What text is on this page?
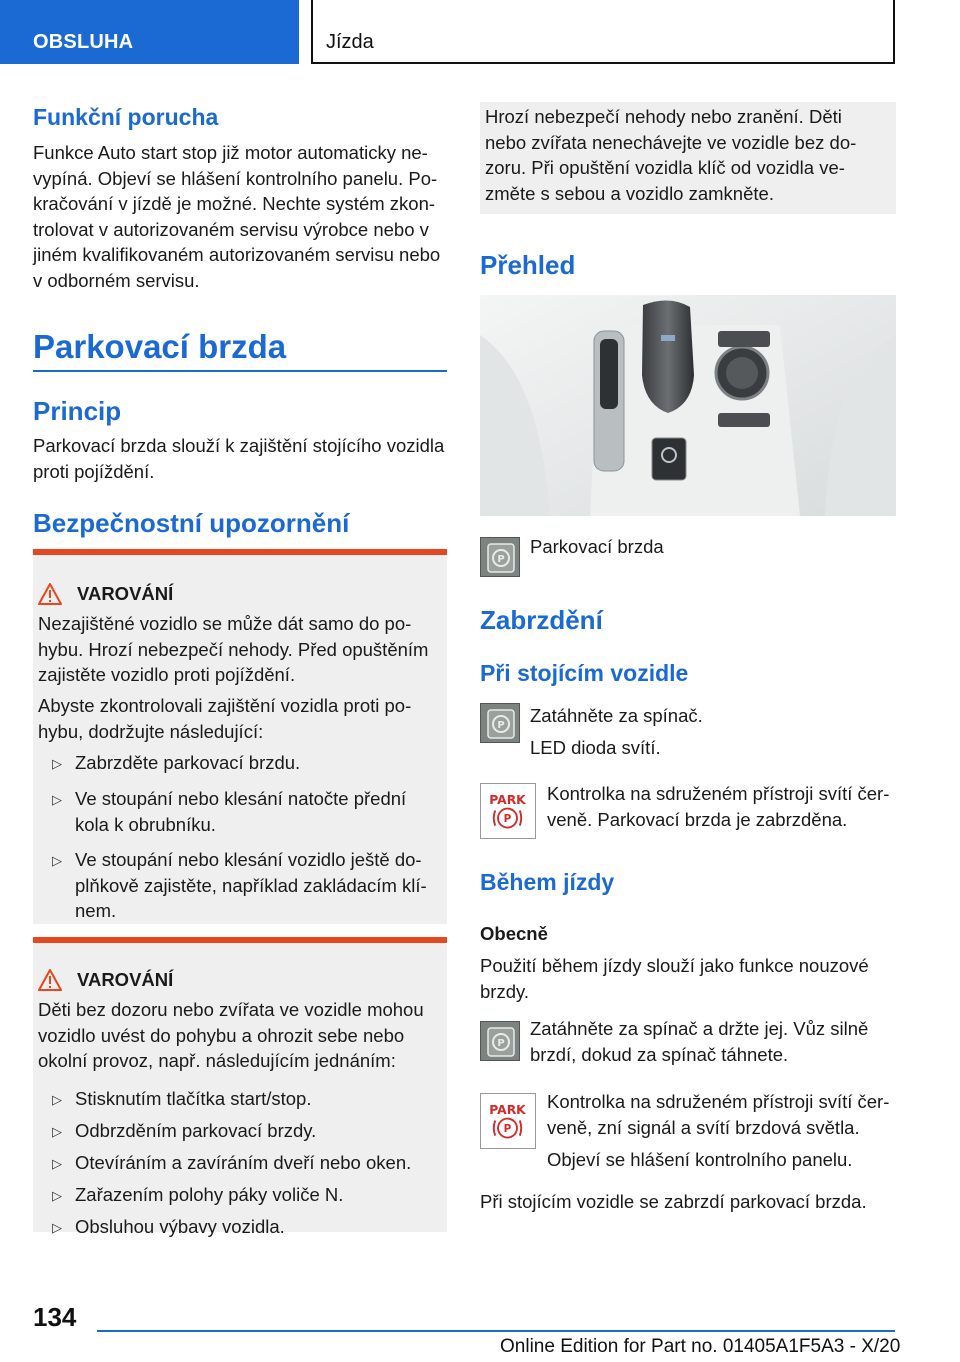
OBSLUHA	Jízda
Funkční porucha
Funkce Auto start stop již motor automaticky ne-
vypíná. Objeví se hlášení kontrolního panelu. Po-
kračování v jízdě je možné. Nechte systém zkon-
trolovat v autorizovaném servisu výrobce nebo v
jiném kvalifikovaném autorizovaném servisu nebo
v odborném servisu.
Parkovací brzda
Princip
Parkovací brzda slouží k zajištění stojícího vozidla
proti pojíždění.
Bezpečnostní upozornění
VAROVÁNÍ
Nezajištěné vozidlo se může dát samo do po-
hybu. Hrozí nebezpečí nehody. Před opuštěním
zajistěte vozidlo proti pojíždění.
Abyste zkontrolovali zajištění vozidla proti po-
hybu, dodržujte následující:
▷ Zabrzděte parkovací brzdu.
▷ Ve stoupání nebo klesání natočte přední
kola k obrubníku.
▷ Ve stoupání nebo klesání vozidlo ještě do-
plňkově zajistěte, například zakládacím klí-
nem.
VAROVÁNÍ
Děti bez dozoru nebo zvířata ve vozidle mohou
vozidlo uvést do pohybu a ohrozit sebe nebo
okolní provoz, např. následujícím jednáním:
▷ Stisknutím tlačítka start/stop.
▷ Odbrzděním parkovací brzdy.
▷ Otevíráním a zavíráním dveří nebo oken.
▷ Zařazením polohy páky voliče N.
▷ Obsluhou výbavy vozidla.
Hrozí nebezpečí nehody nebo zranění. Děti
nebo zvířata nenechávejte ve vozidle bez do-
zoru. Při opuštění vozidla klíč od vozidla ve-
změte s sebou a vozidlo zamkněte.
Přehled
P
Parkovací brzda
Zabrzdění
Při stojícím vozidle
P Zatáhněte za spínač.
LED dioda svítí.
PARK
P
Kontrolka na sdruženém přístroji svítí čer-
veně. Parkovací brzda je zabrzděna.
Během jízdy
Obecně
Použití během jízdy slouží jako funkce nouzové
brzdy.
P
Zatáhněte za spínač a držte jej. Vůz silně
brzdí, dokud za spínač táhnete.
PARK
P
Kontrolka na sdruženém přístroji svítí čer-
veně, zní signál a svítí brzdová světla.
Objeví se hlášení kontrolního panelu.
Při stojícím vozidle se zabrzdí parkovací brzda.
134
Online Edition for Part no. 01405A1F5A3 - X/20
